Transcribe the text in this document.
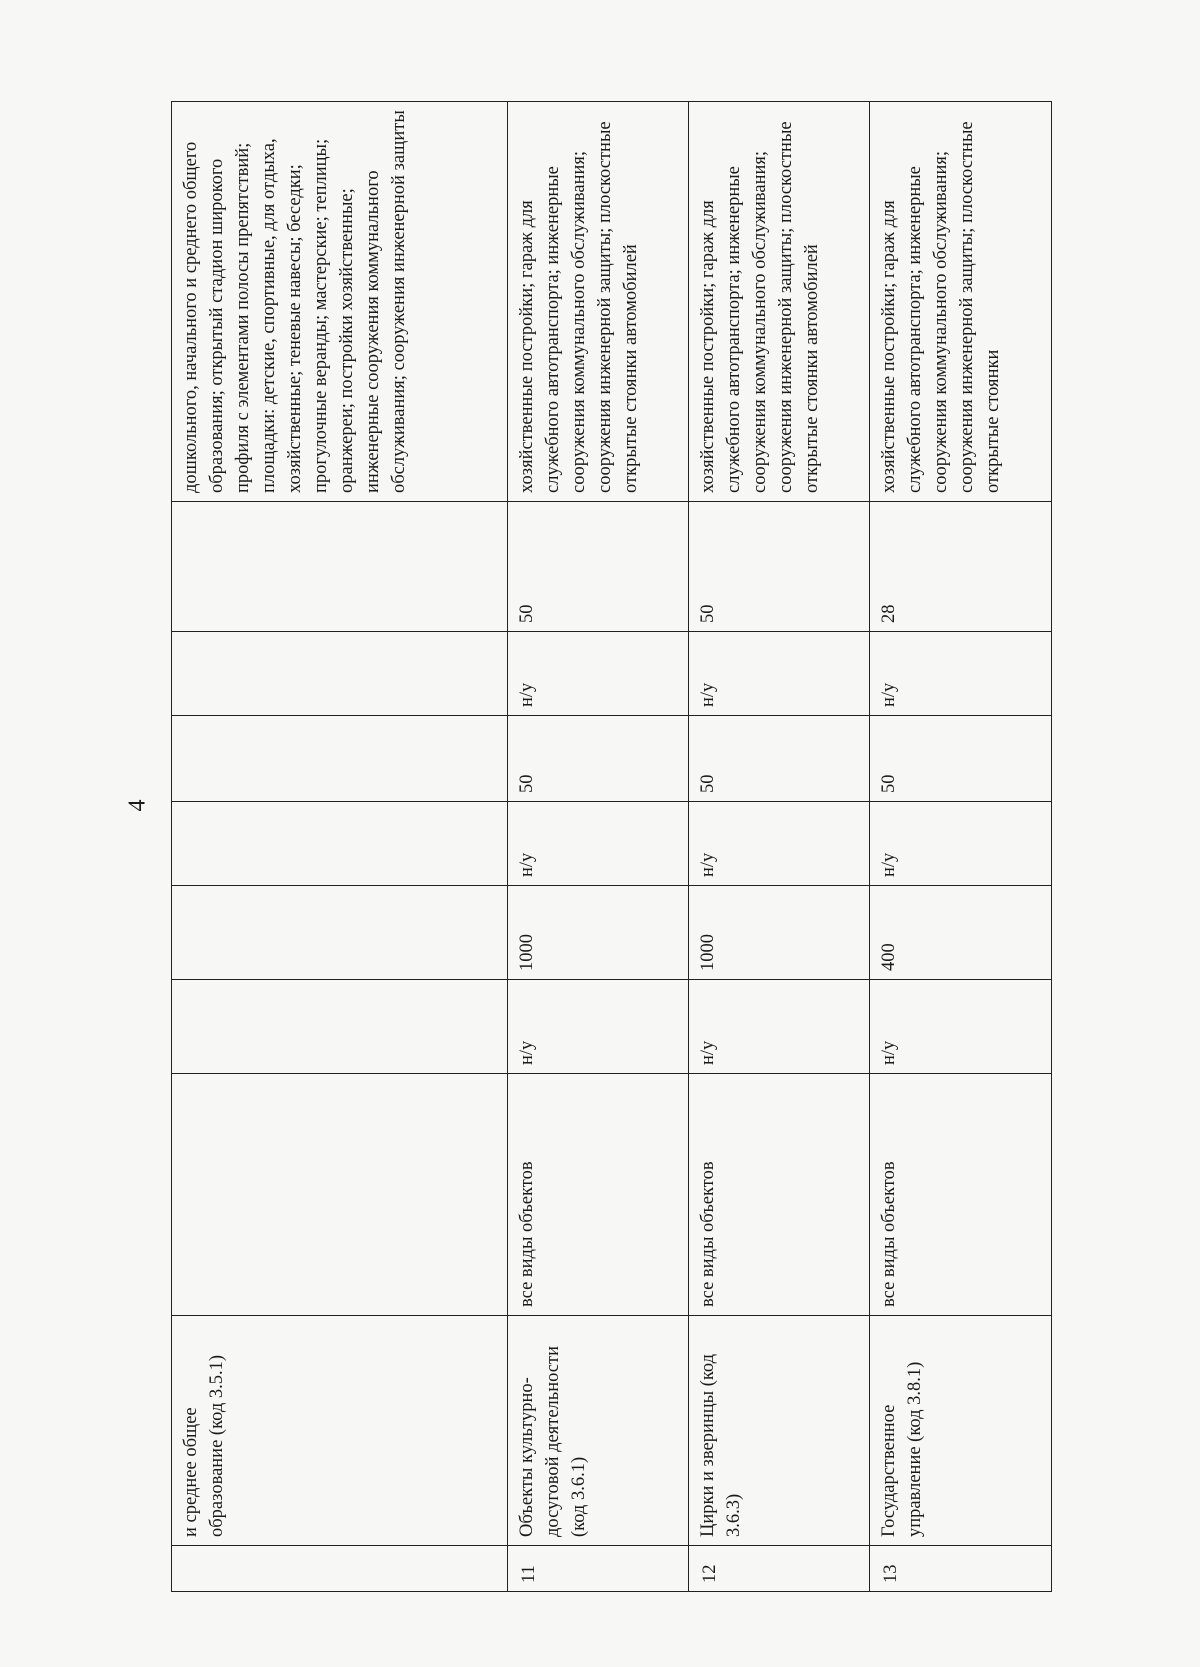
4
	и среднее общее образование (код 3.5.1)								дошкольного, начального и среднего общего образования; открытый стадион широкого профиля с элементами полосы препятствий; площадки: детские, спортивные, для отдыха, хозяйственные; теневые навесы; беседки; прогулочные веранды; мастерские; теплицы; оранжереи; постройки хозяйственные; инженерные сооружения коммунального обслуживания; сооружения инженерной защиты
11	Объекты культурно-досуговой деятельности (код 3.6.1)	все виды объектов	н/у	1000	н/у	50	н/у	50	хозяйственные постройки; гараж для служебного автотранспорта; инженерные сооружения коммунального обслуживания; сооружения инженерной защиты; плоскостные открытые стоянки автомобилей
12	Цирки и зверинцы (код 3.6.3)	все виды объектов	н/у	1000	н/у	50	н/у	50	хозяйственные постройки; гараж для служебного автотранспорта; инженерные сооружения коммунального обслуживания; сооружения инженерной защиты; плоскостные открытые стоянки автомобилей
13	Государственное управление (код 3.8.1)	все виды объектов	н/у	400	н/у	50	н/у	28	хозяйственные постройки; гараж для служебного автотранспорта; инженерные сооружения коммунального обслуживания; сооружения инженерной защиты; плоскостные открытые стоянки
